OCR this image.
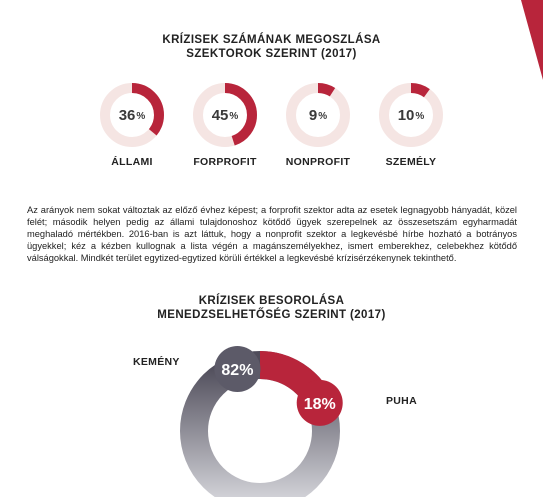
KRÍZISEK SZÁMÁNAK MEGOSZLÁSA
SZEKTOROK SZERINT (2017)
36 %
ÁLLAMI
45 %
FORPROFIT
9 %
NONPROFIT
10 %
SZEMÉLY

Az arányok nem sokat változtak az előző évhez képest; a forprofit szektor adta az esetek legnagyobb hányadát, közel felét; második helyen pedig az állami tulajdonoshoz kötődő ügyek szerepelnek az összesetszám egyharmadát meghaladó mértékben. 2016-ban is azt láttuk, hogy a nonprofit szektor a legkevésbé hírbe hozható a botrányos ügyekkel; kéz a kézben kullognak a lista végén a magánszemélyekhez, ismert emberekhez, celebekhez kötődő válságokkal. Mindkét terület egytized-egytized körüli értékkel a legkevésbé krízisérzékenynek tekinthető.

KRÍZISEK BESOROLÁSA
MENEDZSELHETŐSÉG SZERINT (2017)
KEMÉNY
PUHA
82%
18%
